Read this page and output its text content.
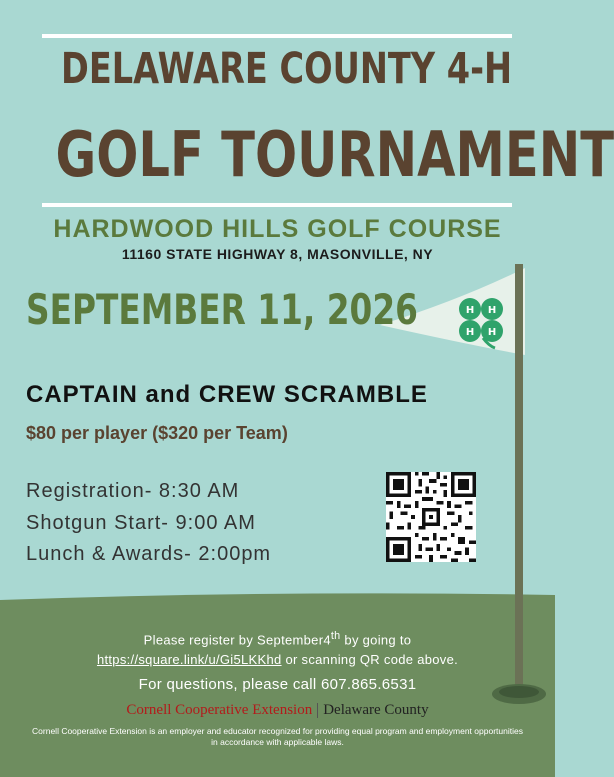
H H
H H
DELAWARE COUNTY 4-H
GOLF TOURNAMENT
HARDWOOD HILLS GOLF COURSE
11160 STATE HIGHWAY 8, MASONVILLE, NY
SEPTEMBER 11, 2026
CAPTAIN and CREW SCRAMBLE
$80 per player ($320 per Team)
Registration- 8:30 AM
Shotgun Start- 9:00 AM
Lunch & Awards- 2:00pm
Please register by September4th by going to
https://square.link/u/Gi5LKKhd or scanning QR code above.
For questions, please call 607.865.6531
Cornell Cooperative Extension Delaware County
Cornell Cooperative Extension is an employer and educator recognized for providing equal program and employment opportunities in accordance with applicable laws.
